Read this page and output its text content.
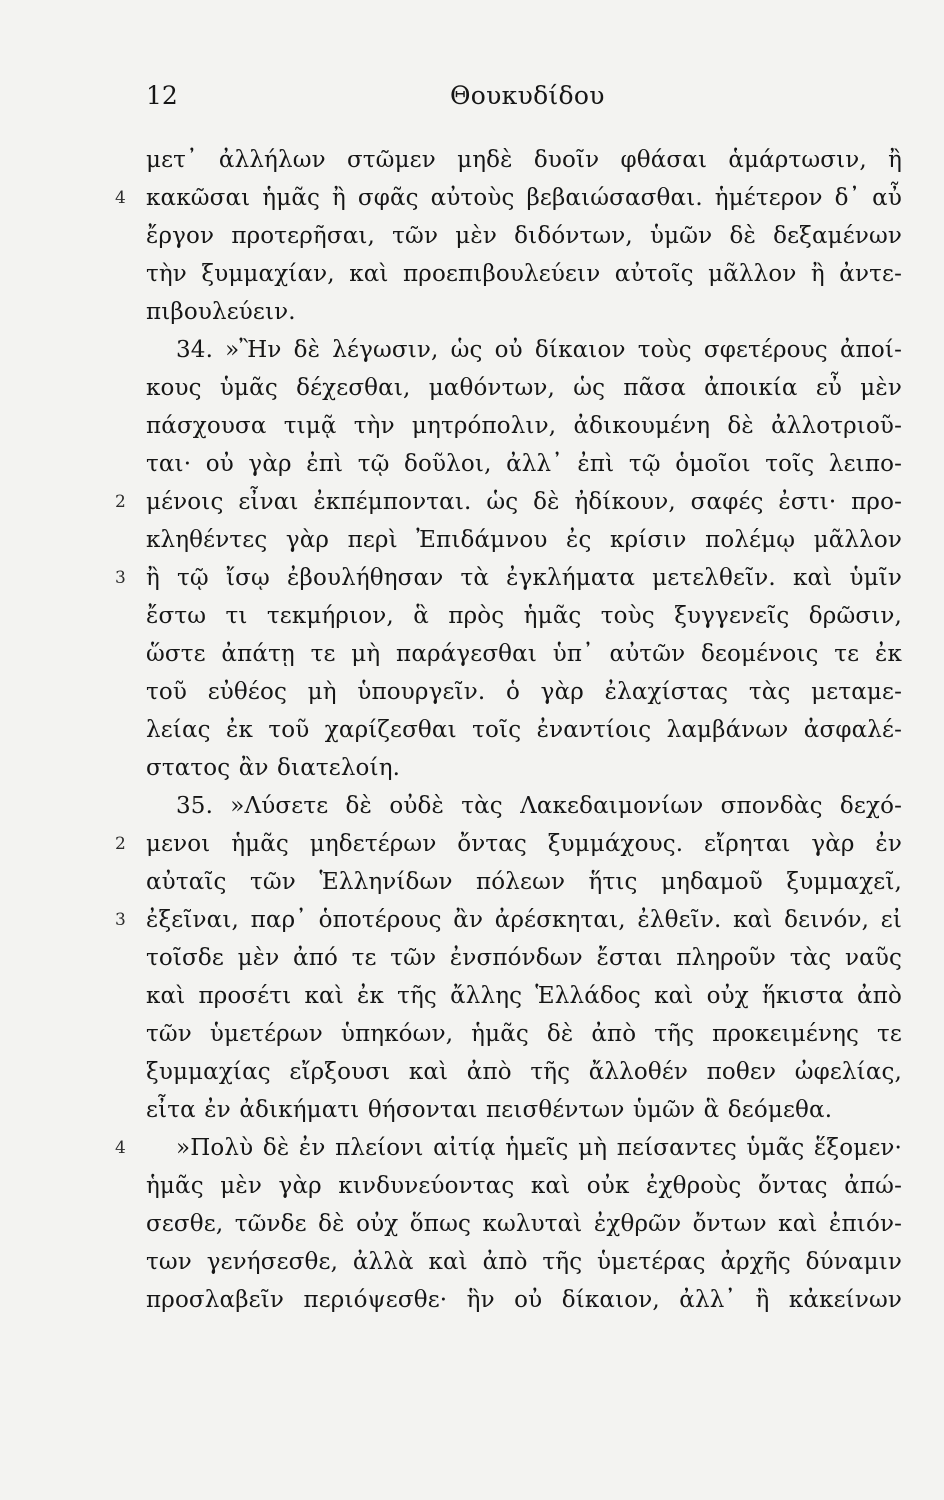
12	Θουκυδίδου
μετ᾽ ἀλλήλων στῶμεν μηδὲ δυοῖν φθάσαι ἁμάρτωσιν, ἢ
4 κακῶσαι ἡμᾶς ἢ σφᾶς αὐτοὺς βεβαιώσασθαι. ἡμέτερον δ᾽ αὖ
ἔργον προτερῆσαι, τῶν μὲν διδόντων, ὑμῶν δὲ δεξαμένων
τὴν ξυμμαχίαν, καὶ προεπιβουλεύειν αὐτοῖς μᾶλλον ἢ ἀντε-
πιβουλεύειν.
34. »Ἢν δὲ λέγωσιν, ὡς οὐ δίκαιον τοὺς σφετέρους ἀποί-
κους ὑμᾶς δέχεσθαι, μαθόντων, ὡς πᾶσα ἀποικία εὖ μὲν
πάσχουσα τιμᾷ τὴν μητρόπολιν, ἀδικουμένη δὲ ἀλλοτριοῦ-
ται· οὐ γὰρ ἐπὶ τῷ δοῦλοι, ἀλλ᾽ ἐπὶ τῷ ὁμοῖοι τοῖς λειπο-
2 μένοις εἶναι ἐκπέμπονται. ὡς δὲ ἠδίκουν, σαφές ἐστι· προ-
κληθέντες γὰρ περὶ Ἐπιδάμνου ἐς κρίσιν πολέμῳ μᾶλλον
3 ἢ τῷ ἴσῳ ἐβουλήθησαν τὰ ἐγκλήματα μετελθεῖν. καὶ ὑμῖν
ἔστω τι τεκμήριον, ἃ πρὸς ἡμᾶς τοὺς ξυγγενεῖς δρῶσιν,
ὥστε ἀπάτῃ τε μὴ παράγεσθαι ὑπ᾽ αὐτῶν δεομένοις τε ἐκ
τοῦ εὐθέος μὴ ὑπουργεῖν. ὁ γὰρ ἐλαχίστας τὰς μεταμε-
λείας ἐκ τοῦ χαρίζεσθαι τοῖς ἐναντίοις λαμβάνων ἀσφαλέ-
στατος ἂν διατελοίη.
35. »Λύσετε δὲ οὐδὲ τὰς Λακεδαιμονίων σπονδὰς δεχό-
2 μενοι ἡμᾶς μηδετέρων ὄντας ξυμμάχους. εἴρηται γὰρ ἐν
αὐταῖς τῶν Ἑλληνίδων πόλεων ἥτις μηδαμοῦ ξυμμαχεῖ,
3 ἐξεῖναι, παρ᾽ ὁποτέρους ἂν ἀρέσκηται, ἐλθεῖν. καὶ δεινόν, εἰ
τοῖσδε μὲν ἀπό τε τῶν ἐνσπόνδων ἔσται πληροῦν τὰς ναῦς
καὶ προσέτι καὶ ἐκ τῆς ἄλλης Ἑλλάδος καὶ οὐχ ἥκιστα ἀπὸ
τῶν ὑμετέρων ὑπηκόων, ἡμᾶς δὲ ἀπὸ τῆς προκειμένης τε
ξυμμαχίας εἴρξουσι καὶ ἀπὸ τῆς ἄλλοθέν ποθεν ὠφελίας,
εἶτα ἐν ἀδικήματι θήσονται πεισθέντων ὑμῶν ἃ δεόμεθα.
4 »Πολὺ δὲ ἐν πλείονι αἰτίᾳ ἡμεῖς μὴ πείσαντες ὑμᾶς ἕξομεν·
ἡμᾶς μὲν γὰρ κινδυνεύοντας καὶ οὐκ ἐχθροὺς ὄντας ἀπώ-
σεσθε, τῶνδε δὲ οὐχ ὅπως κωλυταὶ ἐχθρῶν ὄντων καὶ ἐπιόν-
των γενήσεσθε, ἀλλὰ καὶ ἀπὸ τῆς ὑμετέρας ἀρχῆς δύναμιν
προσλαβεῖν περιόψεσθε· ἣν οὐ δίκαιον, ἀλλ᾽ ἢ κἀκείνων
